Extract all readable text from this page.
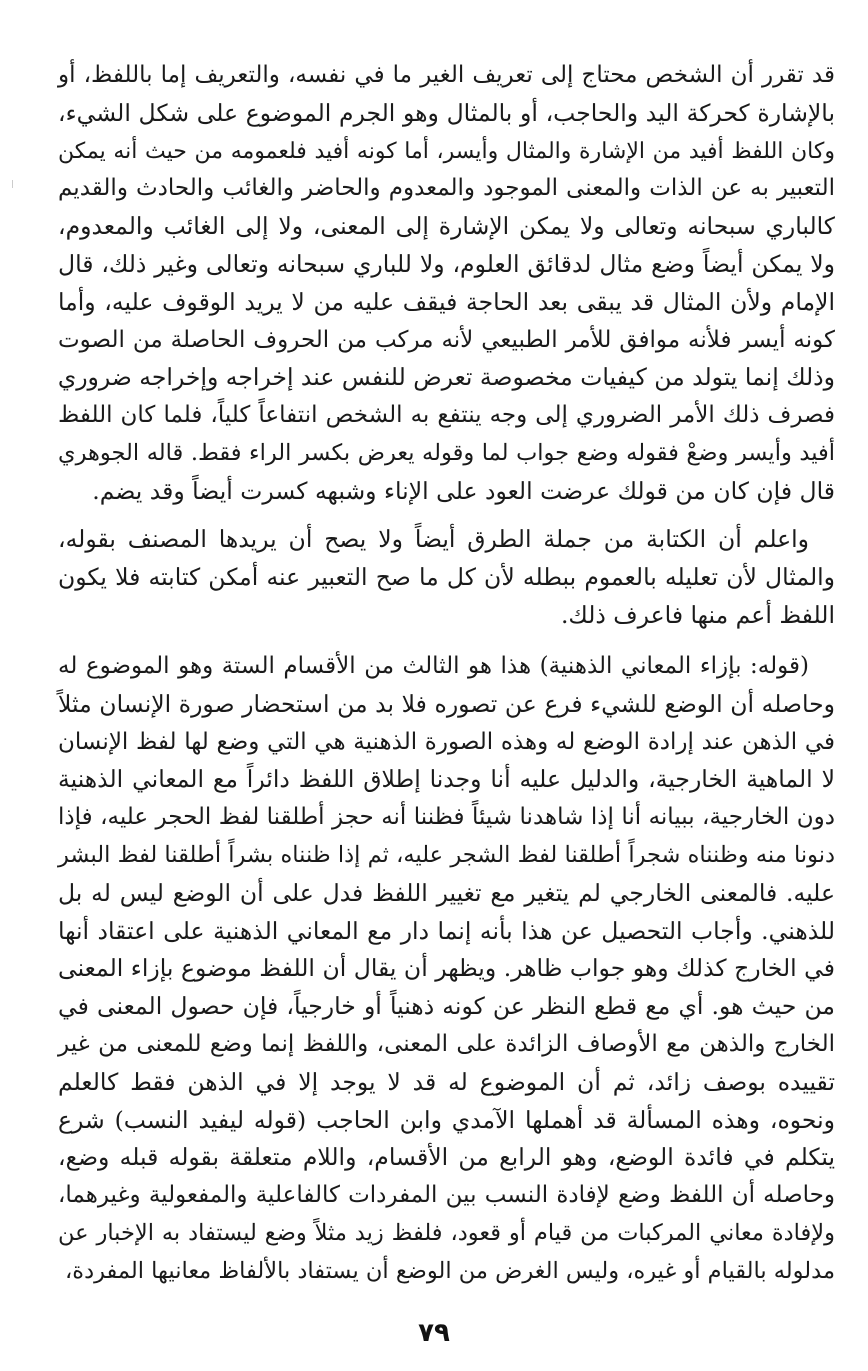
قد تقرر أن الشخص محتاج إلى تعريف الغير ما في نفسه، والتعريف إما باللفظ، أو
بالإشارة كحركة اليد والحاجب، أو بالمثال وهو الجرم الموضوع على شكل الشيء،
وكان اللفظ أفيد من الإشارة والمثال وأيسر، أما كونه أفيد فلعمومه من حيث أنه يمكن
التعبير به عن الذات والمعنى الموجود والمعدوم والحاضر والغائب والحادث والقديم
كالباري سبحانه وتعالى ولا يمكن الإشارة إلى المعنى، ولا إلى الغائب والمعدوم،
ولا يمكن أيضاً وضع مثال لدقائق العلوم، ولا للباري سبحانه وتعالى وغير ذلك، قال
الإمام ولأن المثال قد يبقى بعد الحاجة فيقف عليه من لا يريد الوقوف عليه، وأما
كونه أيسر فلأنه موافق للأمر الطبيعي لأنه مركب من الحروف الحاصلة من الصوت
وذلك إنما يتولد من كيفيات مخصوصة تعرض للنفس عند إخراجه وإخراجه ضروري
فصرف ذلك الأمر الضروري إلى وجه ينتفع به الشخص انتفاعاً كلياً، فلما كان اللفظ
أفيد وأيسر وضعْ فقوله وضع جواب لما وقوله يعرض بكسر الراء فقط. قاله الجوهري
قال فإن كان من قولك عرضت العود على الإناء وشبهه كسرت أيضاً وقد يضم.
واعلم أن الكتابة من جملة الطرق أيضاً ولا يصح أن يريدها المصنف بقوله،
والمثال لأن تعليله بالعموم ببطله لأن كل ما صح التعبير عنه أمكن كتابته فلا يكون
اللفظ أعم منها فاعرف ذلك.
(قوله: بإزاء المعاني الذهنية) هذا هو الثالث من الأقسام الستة وهو الموضوع له
وحاصله أن الوضع للشيء فرع عن تصوره فلا بد من استحضار صورة الإنسان مثلاً
في الذهن عند إرادة الوضع له وهذه الصورة الذهنية هي التي وضع لها لفظ الإنسان
لا الماهية الخارجية، والدليل عليه أنا وجدنا إطلاق اللفظ دائراً مع المعاني الذهنية
دون الخارجية، ببيانه أنا إذا شاهدنا شيئاً فظننا أنه حجز أطلقنا لفظ الحجر عليه، فإذا
دنونا منه وظنناه شجراً أطلقنا لفظ الشجر عليه، ثم إذا ظنناه بشراً أطلقنا لفظ البشر
عليه. فالمعنى الخارجي لم يتغير مع تغيير اللفظ فدل على أن الوضع ليس له بل
للذهني. وأجاب التحصيل عن هذا بأنه إنما دار مع المعاني الذهنية على اعتقاد أنها
في الخارج كذلك وهو جواب ظاهر. ويظهر أن يقال أن اللفظ موضوع بإزاء المعنى
من حيث هو. أي مع قطع النظر عن كونه ذهنياً أو خارجياً، فإن حصول المعنى في
الخارج والذهن مع الأوصاف الزائدة على المعنى، واللفظ إنما وضع للمعنى من غير
تقييده بوصف زائد، ثم أن الموضوع له قد لا يوجد إلا في الذهن فقط كالعلم
ونحوه، وهذه المسألة قد أهملها الآمدي وابن الحاجب (قوله ليفيد النسب) شرع
يتكلم في فائدة الوضع، وهو الرابع من الأقسام، واللام متعلقة بقوله قبله وضع،
وحاصله أن اللفظ وضع لإفادة النسب بين المفردات كالفاعلية والمفعولية وغيرهما،
ولإفادة معاني المركبات من قيام أو قعود، فلفظ زيد مثلاً وضع ليستفاد به الإخبار عن
مدلوله بالقيام أو غيره، وليس الغرض من الوضع أن يستفاد بالألفاظ معانيها المفردة،
٧٩
